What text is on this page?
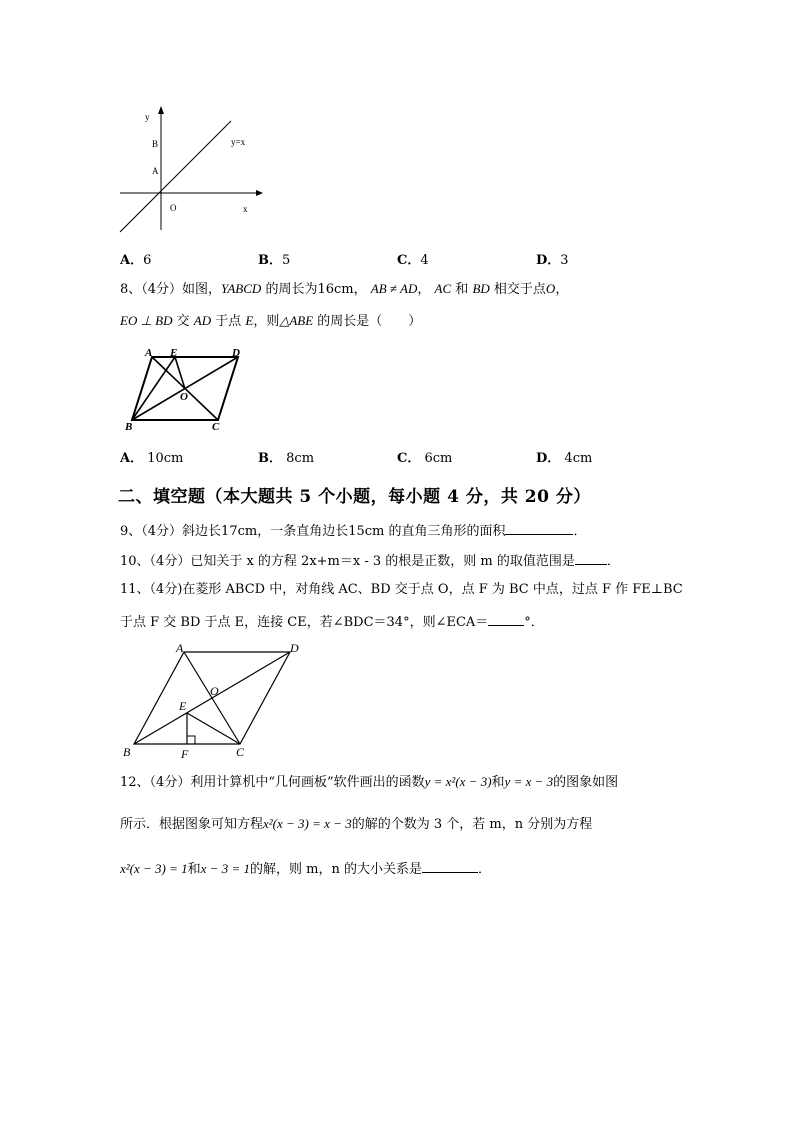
y
B
A
y=x
O	x
A．6	B．5	C．4	D．3
8、（4分）如图，YABCD 的周长为16cm， AB ≠ AD， AC 和 BD 相交于点O，
EO ⊥ BD 交 AD 于点 E，则△ABE 的周长是（　　）
A E	D
O
B	C
A． 10cm	B． 8cm	C． 6cm	D． 4cm
二、填空题（本大题共 5 个小题，每小题 4 分，共 20 分）
9、（4分）斜边长17cm，一条直角边长15cm 的直角三角形的面积	．
10、（4分）已知关于 x 的方程 2x+m＝x - 3 的根是正数，则 m 的取值范围是 ．
11、（4分)在菱形 ABCD 中，对角线 AC、BD 交于点 O，点 F 为 BC 中点，过点 F 作 FE⊥BC
于点 F 交 BD 于点 E，连接 CE，若∠BDC＝34°，则∠ECA＝	°．
A	D
O
E
B	F	C
12、（4分）利用计算机中“几何画板”软件画出的函数y = x²(x − 3)和y = x − 3的图象如图
所示．根据图象可知方程x²(x − 3) = x − 3的解的个数为 3 个，若 m，n 分别为方程
x²(x − 3) = 1和x − 3 = 1的解，则 m，n 的大小关系是	．
